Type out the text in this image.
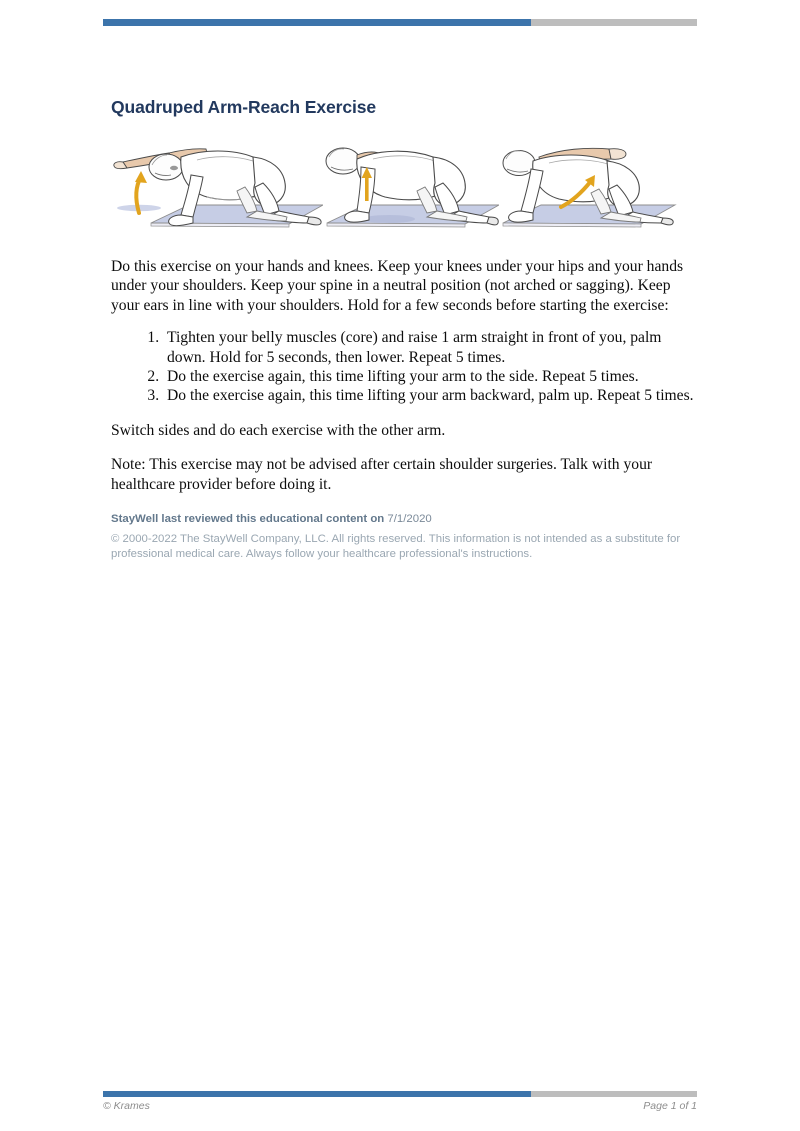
Quadruped Arm-Reach Exercise

Do this exercise on your hands and knees. Keep your knees under your hips and your hands under your shoulders. Keep your spine in a neutral position (not arched or sagging). Keep your ears in line with your shoulders. Hold for a few seconds before starting the exercise:

1. Tighten your belly muscles (core) and raise 1 arm straight in front of you, palm down. Hold for 5 seconds, then lower. Repeat 5 times.
2. Do the exercise again, this time lifting your arm to the side. Repeat 5 times.
3. Do the exercise again, this time lifting your arm backward, palm up. Repeat 5 times.

Switch sides and do each exercise with the other arm.

Note: This exercise may not be advised after certain shoulder surgeries. Talk with your healthcare provider before doing it.

StayWell last reviewed this educational content on 7/1/2020
© 2000-2022 The StayWell Company, LLC. All rights reserved. This information is not intended as a substitute for professional medical care. Always follow your healthcare professional's instructions.
© Krames	Page 1 of 1
